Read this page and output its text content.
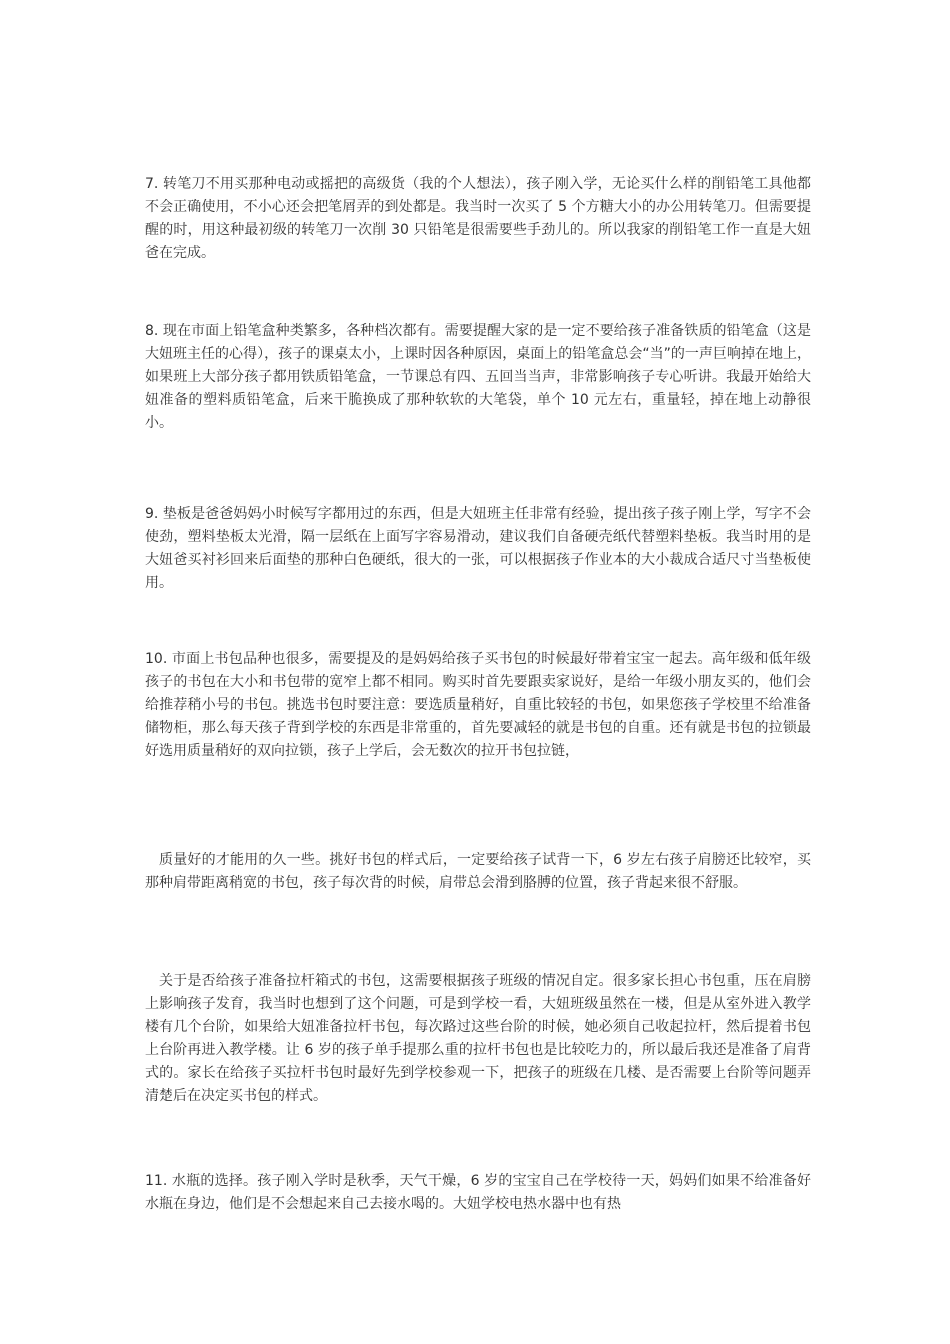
7. 转笔刀不用买那种电动或摇把的高级货（我的个人想法），孩子刚入学，无论买什么样的削铅笔工具他都不会正确使用，不小心还会把笔屑弄的到处都是。我当时一次买了 5 个方糖大小的办公用转笔刀。但需要提醒的时，用这种最初级的转笔刀一次削 30 只铅笔是很需要些手劲儿的。所以我家的削铅笔工作一直是大妞爸在完成。

8. 现在市面上铅笔盒种类繁多，各种档次都有。需要提醒大家的是一定不要给孩子准备铁质的铅笔盒（这是大妞班主任的心得），孩子的课桌太小，上课时因各种原因，桌面上的铅笔盒总会“当”的一声巨响掉在地上，如果班上大部分孩子都用铁质铅笔盒，一节课总有四、五回当当声，非常影响孩子专心听讲。我最开始给大妞准备的塑料质铅笔盒，后来干脆换成了那种软软的大笔袋，单个 10 元左右，重量轻，掉在地上动静很小。

9. 垫板是爸爸妈妈小时候写字都用过的东西，但是大妞班主任非常有经验，提出孩子孩子刚上学，写字不会使劲，塑料垫板太光滑，隔一层纸在上面写字容易滑动，建议我们自备硬壳纸代替塑料垫板。我当时用的是大妞爸买衬衫回来后面垫的那种白色硬纸，很大的一张，可以根据孩子作业本的大小裁成合适尺寸当垫板使用。

10. 市面上书包品种也很多，需要提及的是妈妈给孩子买书包的时候最好带着宝宝一起去。高年级和低年级孩子的书包在大小和书包带的宽窄上都不相同。购买时首先要跟卖家说好，是给一年级小朋友买的，他们会给推荐稍小号的书包。挑选书包时要注意：要选质量稍好，自重比较轻的书包，如果您孩子学校里不给准备储物柜，那么每天孩子背到学校的东西是非常重的，首先要减轻的就是书包的自重。还有就是书包的拉锁最好选用质量稍好的双向拉锁，孩子上学后，会无数次的拉开书包拉链，

质量好的才能用的久一些。挑好书包的样式后，一定要给孩子试背一下，6 岁左右孩子肩膀还比较窄，买那种肩带距离稍宽的书包，孩子每次背的时候，肩带总会滑到胳膊的位置，孩子背起来很不舒服。

关于是否给孩子准备拉杆箱式的书包，这需要根据孩子班级的情况自定。很多家长担心书包重，压在肩膀上影响孩子发育，我当时也想到了这个问题，可是到学校一看，大妞班级虽然在一楼，但是从室外进入教学楼有几个台阶，如果给大妞准备拉杆书包，每次路过这些台阶的时候，她必须自己收起拉杆，然后提着书包上台阶再进入教学楼。让 6 岁的孩子单手提那么重的拉杆书包也是比较吃力的，所以最后我还是准备了肩背式的。家长在给孩子买拉杆书包时最好先到学校参观一下，把孩子的班级在几楼、是否需要上台阶等问题弄清楚后在决定买书包的样式。

11. 水瓶的选择。孩子刚入学时是秋季，天气干燥，6 岁的宝宝自己在学校待一天，妈妈们如果不给准备好水瓶在身边，他们是不会想起来自己去接水喝的。大妞学校电热水器中也有热
